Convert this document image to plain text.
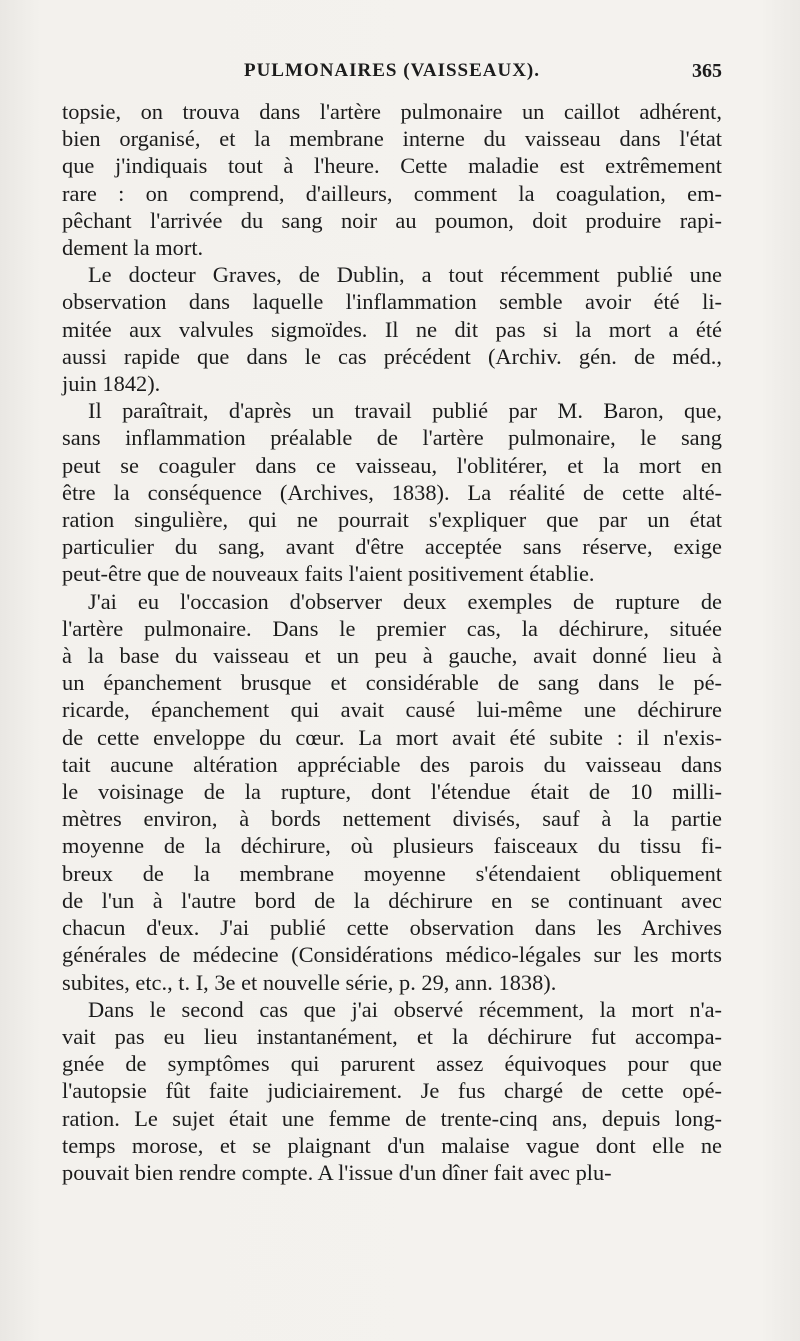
PULMONAIRES (VAISSEAUX).	365

topsie, on trouva dans l'artère pulmonaire un caillot adhérent,
bien organisé, et la membrane interne du vaisseau dans l'état
que j'indiquais tout à l'heure. Cette maladie est extrêmement
rare : on comprend, d'ailleurs, comment la coagulation, em-
pêchant l'arrivée du sang noir au poumon, doit produire rapi-
dement la mort.

Le docteur Graves, de Dublin, a tout récemment publié une
observation dans laquelle l'inflammation semble avoir été li-
mitée aux valvules sigmoïdes. Il ne dit pas si la mort a été
aussi rapide que dans le cas précédent (Archiv. gén. de méd.,
juin 1842).

Il paraîtrait, d'après un travail publié par M. Baron, que,
sans inflammation préalable de l'artère pulmonaire, le sang
peut se coaguler dans ce vaisseau, l'oblitérer, et la mort en
être la conséquence (Archives, 1838). La réalité de cette alté-
ration singulière, qui ne pourrait s'expliquer que par un état
particulier du sang, avant d'être acceptée sans réserve, exige
peut-être que de nouveaux faits l'aient positivement établie.

J'ai eu l'occasion d'observer deux exemples de rupture de
l'artère pulmonaire. Dans le premier cas, la déchirure, située
à la base du vaisseau et un peu à gauche, avait donné lieu à
un épanchement brusque et considérable de sang dans le pé-
ricarde, épanchement qui avait causé lui-même une déchirure
de cette enveloppe du cœur. La mort avait été subite : il n'exis-
tait aucune altération appréciable des parois du vaisseau dans
le voisinage de la rupture, dont l'étendue était de 10 milli-
mètres environ, à bords nettement divisés, sauf à la partie
moyenne de la déchirure, où plusieurs faisceaux du tissu fi-
breux de la membrane moyenne s'étendaient obliquement
de l'un à l'autre bord de la déchirure en se continuant avec
chacun d'eux. J'ai publié cette observation dans les Archives
générales de médecine (Considérations médico-légales sur les morts
subites, etc., t. I, 3e et nouvelle série, p. 29, ann. 1838).

Dans le second cas que j'ai observé récemment, la mort n'a-
vait pas eu lieu instantanément, et la déchirure fut accompa-
gnée de symptômes qui parurent assez équivoques pour que
l'autopsie fût faite judiciairement. Je fus chargé de cette opé-
ration. Le sujet était une femme de trente-cinq ans, depuis long-
temps morose, et se plaignant d'un malaise vague dont elle ne
pouvait bien rendre compte. A l'issue d'un dîner fait avec plu-
